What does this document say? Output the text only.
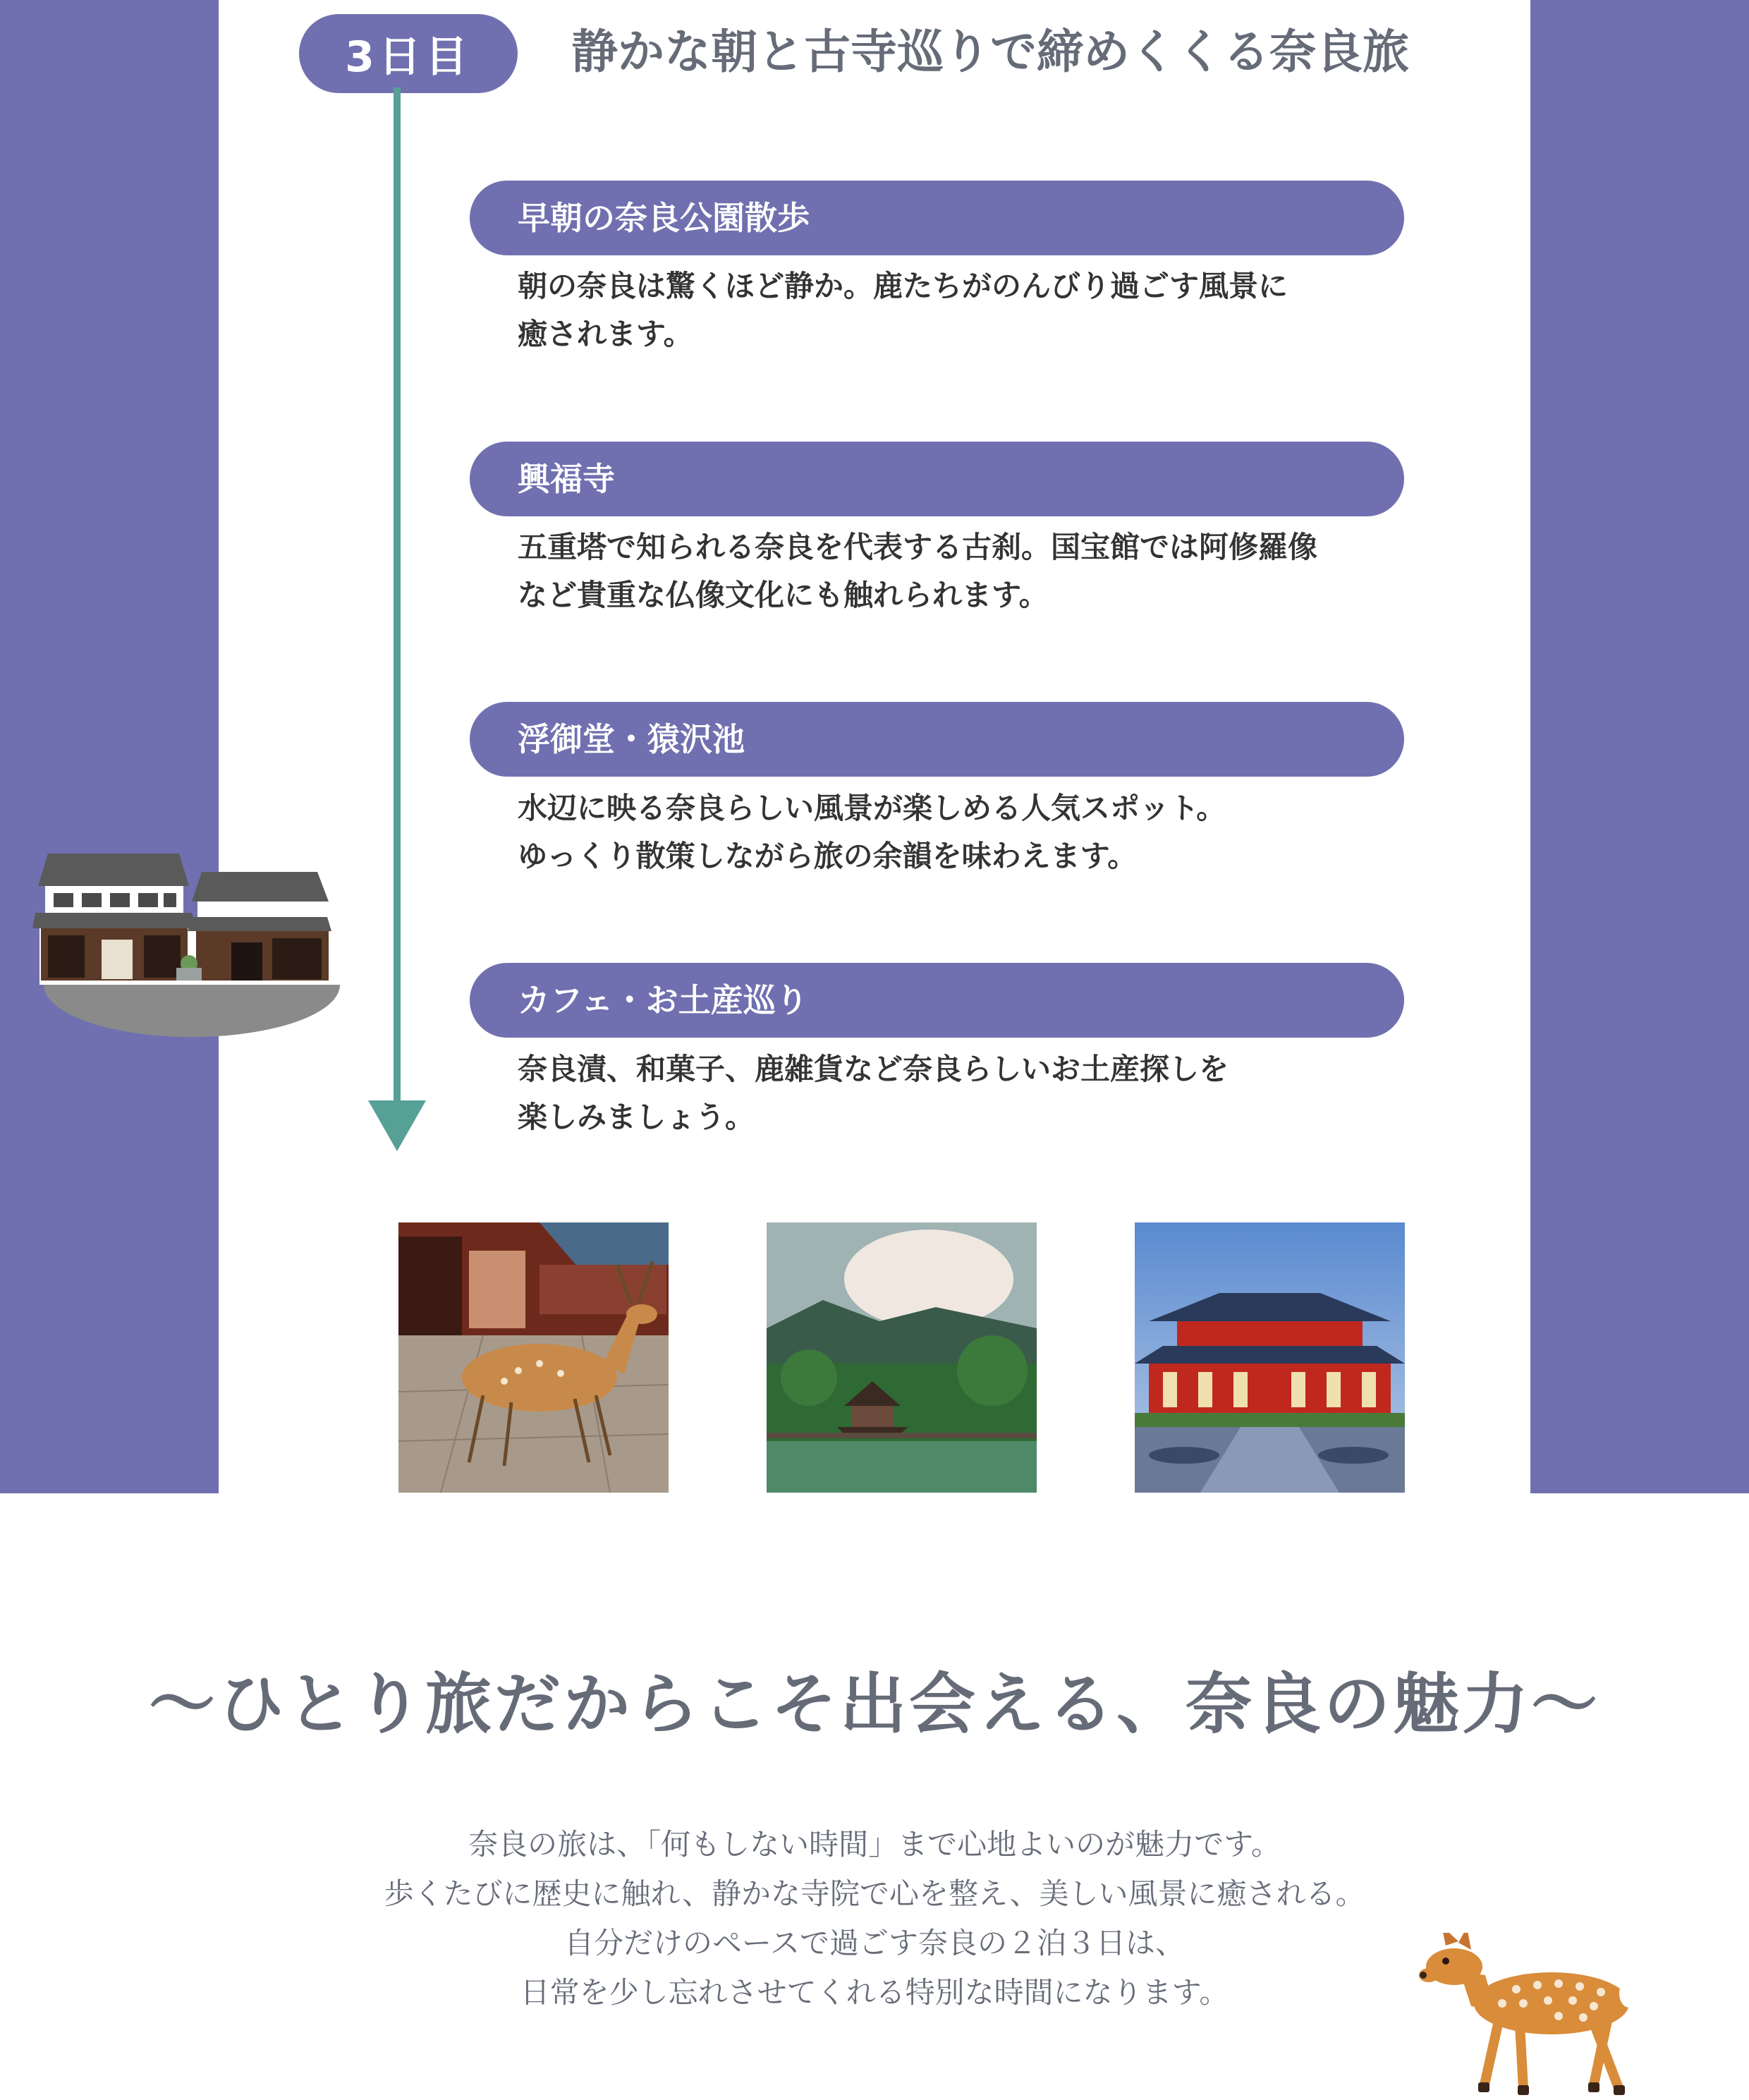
3日目	静かな朝と古寺巡りで締めくくる奈良旅
早朝の奈良公園散歩
朝の奈良は驚くほど静か。鹿たちがのんびり過ごす風景に
癒されます。
興福寺
五重塔で知られる奈良を代表する古刹。国宝館では阿修羅像
など貴重な仏像文化にも触れられます。
浮御堂・猿沢池
水辺に映る奈良らしい風景が楽しめる人気スポット。
ゆっくり散策しながら旅の余韻を味わえます。
カフェ・お土産巡り
奈良漬、和菓子、鹿雑貨など奈良らしいお土産探しを
楽しみましょう。
〜ひとり旅だからこそ出会える、奈良の魅力〜
奈良の旅は、「何もしない時間」まで心地よいのが魅力です。
歩くたびに歴史に触れ、静かな寺院で心を整え、美しい風景に癒される。
自分だけのペースで過ごす奈良の２泊３日は、
日常を少し忘れさせてくれる特別な時間になります。
